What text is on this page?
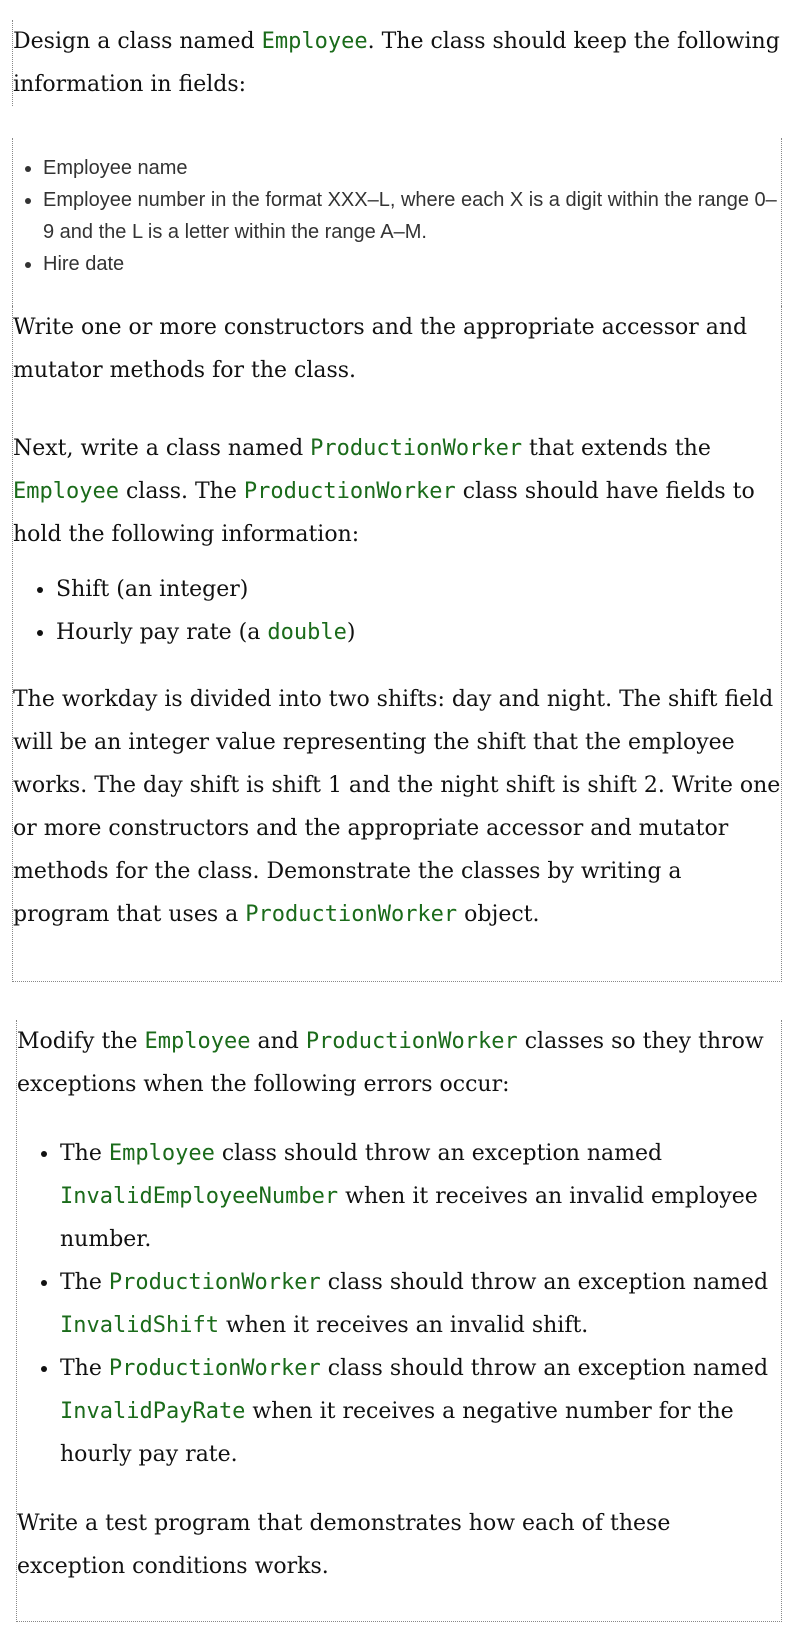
Design a class named Employee. The class should keep the following information in fields:

• Employee name
• Employee number in the format XXX–L, where each X is a digit within the range 0–9 and the L is a letter within the range A–M.
• Hire date

Write one or more constructors and the appropriate accessor and mutator methods for the class.

Next, write a class named ProductionWorker that extends the Employee class. The ProductionWorker class should have fields to hold the following information:

• Shift (an integer)
• Hourly pay rate (a double)

The workday is divided into two shifts: day and night. The shift field will be an integer value representing the shift that the employee works. The day shift is shift 1 and the night shift is shift 2. Write one or more constructors and the appropriate accessor and mutator methods for the class. Demonstrate the classes by writing a program that uses a ProductionWorker object.

Modify the Employee and ProductionWorker classes so they throw exceptions when the following errors occur:

• The Employee class should throw an exception named InvalidEmployeeNumber when it receives an invalid employee number.
• The ProductionWorker class should throw an exception named InvalidShift when it receives an invalid shift.
• The ProductionWorker class should throw an exception named InvalidPayRate when it receives a negative number for the hourly pay rate.

Write a test program that demonstrates how each of these exception conditions works.
